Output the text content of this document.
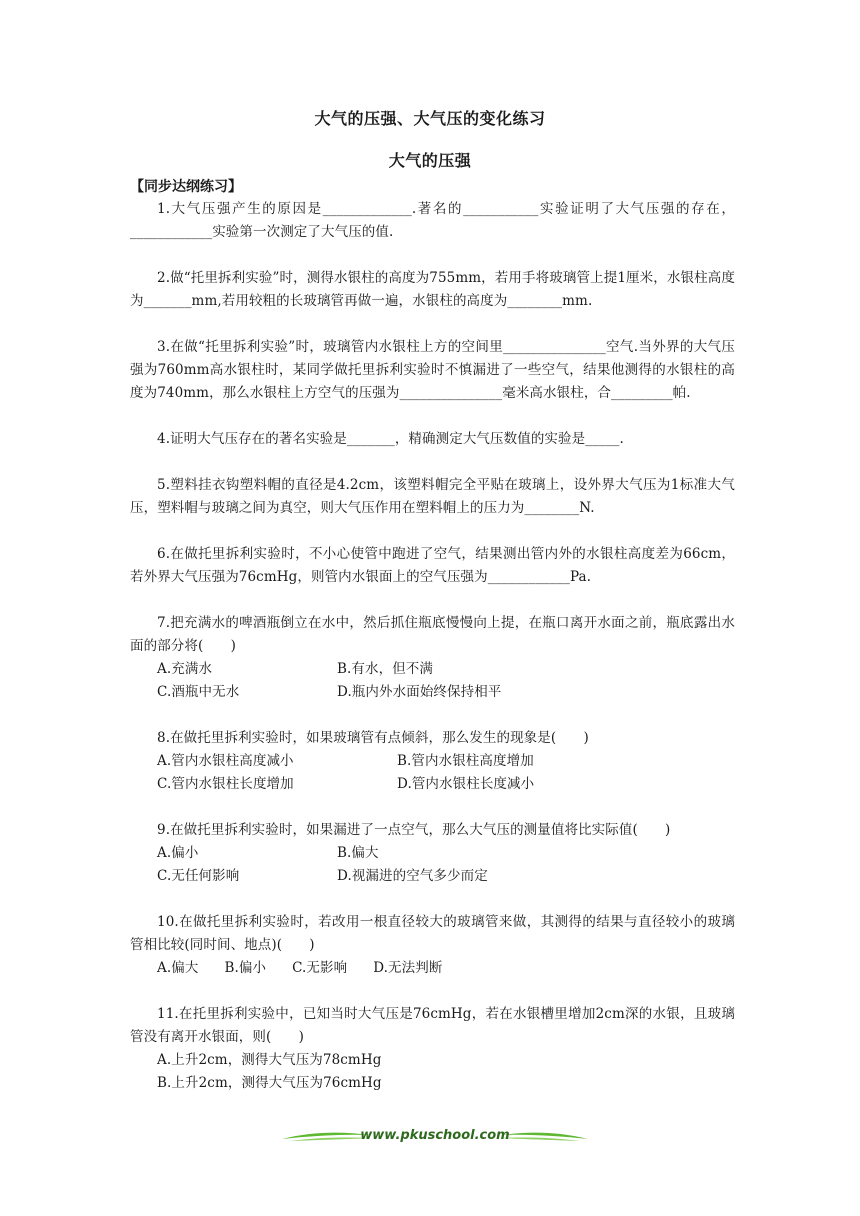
大气的压强、大气压的变化练习
大气的压强
【同步达纲练习】
1.大气压强产生的原因是_____________.著名的___________实验证明了大气压强的存在，____________实验第一次测定了大气压的值.
2.做“托里拆利实验”时，测得水银柱的高度为755mm，若用手将玻璃管上提1厘米，水银柱高度为_______mm,若用较粗的长玻璃管再做一遍，水银柱的高度为________mm.
3.在做“托里拆利实验”时，玻璃管内水银柱上方的空间里_______________空气.当外界的大气压强为760mm高水银柱时，某同学做托里拆利实验时不慎漏进了一些空气，结果他测得的水银柱的高度为740mm，那么水银柱上方空气的压强为_______________毫米高水银柱，合_________帕.
4.证明大气压存在的著名实验是_______，精确测定大气压数值的实验是_____.
5.塑料挂衣钩塑料帽的直径是4.2cm，该塑料帽完全平贴在玻璃上，设外界大气压为1标准大气压，塑料帽与玻璃之间为真空，则大气压作用在塑料帽上的压力为________N.
6.在做托里拆利实验时，不小心使管中跑进了空气，结果测出管内外的水银柱高度差为66cm，若外界大气压强为76cmHg，则管内水银面上的空气压强为____________Pa.
7.把充满水的啤酒瓶倒立在水中，然后抓住瓶底慢慢向上提，在瓶口离开水面之前，瓶底露出水面的部分将(　　)
A.充满水	B.有水，但不满
C.酒瓶中无水	D.瓶内外水面始终保持相平
8.在做托里拆利实验时，如果玻璃管有点倾斜，那么发生的现象是(　　)
A.管内水银柱高度减小	B.管内水银柱高度增加
C.管内水银柱长度增加	D.管内水银柱长度减小
9.在做托里拆利实验时，如果漏进了一点空气，那么大气压的测量值将比实际值(　　)
A.偏小	B.偏大
C.无任何影响	D.视漏进的空气多少而定
10.在做托里拆利实验时，若改用一根直径较大的玻璃管来做，其测得的结果与直径较小的玻璃管相比较(同时间、地点)(　　)
A.偏大 B.偏小 C.无影响 D.无法判断
11.在托里拆利实验中，已知当时大气压是76cmHg，若在水银槽里增加2cm深的水银，且玻璃管没有离开水银面，则(　　)
A.上升2cm，测得大气压为78cmHg
B.上升2cm，测得大气压为76cmHg
www.pkuschool.com
